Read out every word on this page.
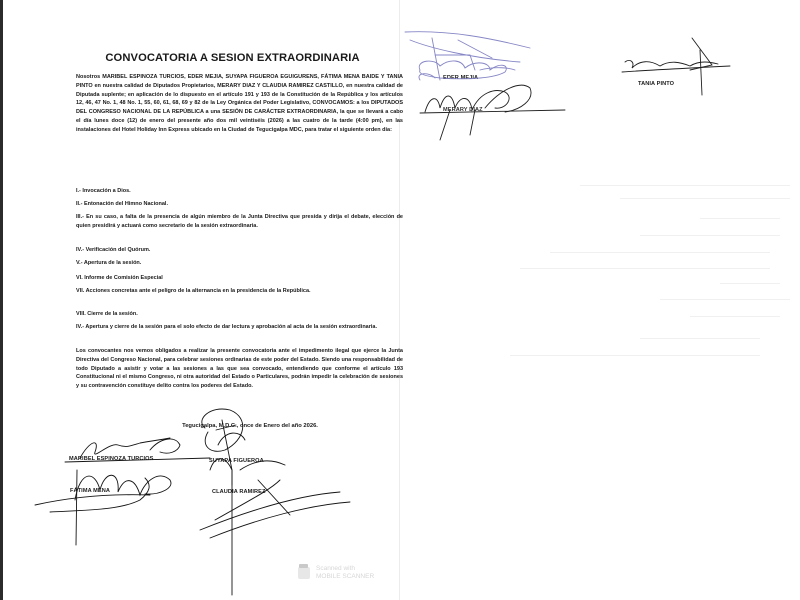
CONVOCATORIA A SESION EXTRAORDINARIA
Nosotros MARIBEL ESPINOZA TURCIOS, EDER MEJIA, SUYAPA FIGUEROA EGUIGURENS, FÁTIMA MENA BAIDE Y TANIA PINTO en nuestra calidad de Diputados Propietarios, MERARY DIAZ Y CLAUDIA RAMIREZ CASTILLO, en nuestra calidad de Diputada suplente; en aplicación de lo dispuesto en el artículo 191 y 193 de la Constitución de la República y los artículos 12, 46, 47 No. 1, 48 No. 1, 55, 60, 61, 68, 69 y 82 de la Ley Orgánica del Poder Legislativo, CONVOCAMOS: a los DIPUTADOS DEL CONGRESO NACIONAL DE LA REPÚBLICA a una SESIÓN DE CARÁCTER EXTRAORDINARIA, la que se llevará a cabo el día lunes doce (12) de enero del presente año dos mil veintiséis (2026) a las cuatro de la tarde (4:00 pm), en las instalaciones del Hotel Holiday Inn Express ubicado en la Ciudad de Tegucigalpa MDC, para tratar el siguiente orden día:
I.- Invocación a Dios.
II.- Entonación del Himno Nacional.
III.- En su caso, a falta de la presencia de algún miembro de la Junta Directiva que presida y dirija el debate, elección de quien presidirá y actuará como secretario de la sesión extraordinaria.
IV.- Verificación del Quórum.
V.- Apertura de la sesión.
VI. Informe de Comisión Especial
VII. Acciones concretas ante el peligro de la alternancia en la presidencia de la República.
VIII. Cierre de la sesión.
IV.- Apertura y cierre de la sesión para el solo efecto de dar lectura y aprobación al acta de la sesión extraordinaria.
Los convocantes nos vemos obligados a realizar la presente convocatoria ante el impedimento ilegal que ejerce la Junta Directiva del Congreso Nacional, para celebrar sesiones ordinarias de este poder del Estado. Siendo una responsabilidad de todo Diputado a asistir y votar a las sesiones a las que sea convocado, entendiendo que conforme el artículo 193 Constitucional ni el mismo Congreso, ni otra autoridad del Estado o Particulares, podrán impedir la celebración de sesiones y su contravención constituye delito contra los poderes del Estado.
Tegucigalpa, M.D.C., once de Enero del año 2026.
MARIBEL ESPINOZA TURCIOS	SUYAPA FIGUEROA
FÁTIMA MENA	CLAUDIA RAMIREZ
EDER MEJIA
MERARY DIAZ
TANIA PINTO
Scanned with
MOBILE SCANNER
